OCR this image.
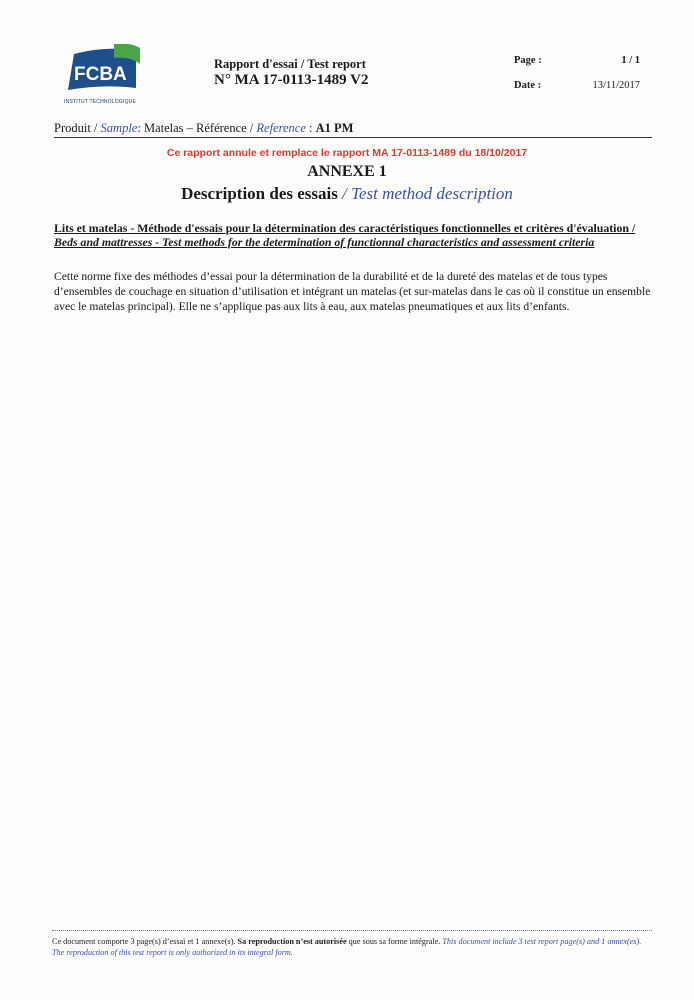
FCBA
INSTITUT TECHNOLOGIQUE
Rapport d'essai / Test report
N° MA 17-0113-1489 V2
Page :	1 / 1
Date :	13/11/2017
Produit / Sample: Matelas – Référence / Reference : A1 PM
Ce rapport annule et remplace le rapport MA 17-0113-1489 du 18/10/2017
ANNEXE 1
Description des essais / Test method description
Lits et matelas - Méthode d'essais pour la détermination des caractéristiques fonctionnelles et critères d'évaluation / Beds and mattresses - Test methods for the determination of functionnal characteristics and assessment criteria
Cette norme fixe des méthodes d’essai pour la détermination de la durabilité et de la dureté des matelas et de tous types d’ensembles de couchage en situation d’utilisation et intégrant un matelas (et sur-matelas dans le cas où il constitue un ensemble avec le matelas principal). Elle ne s’applique pas aux lits à eau, aux matelas pneumatiques et aux lits d’enfants.
Ce document comporte 3 page(s) d’essai et 1 annexe(s). Sa reproduction n’est autorisée que sous sa forme intégrale. This document include 3 test report page(s) and 1 annex(es). The reproduction of this test report is only authorized in its integral form.
